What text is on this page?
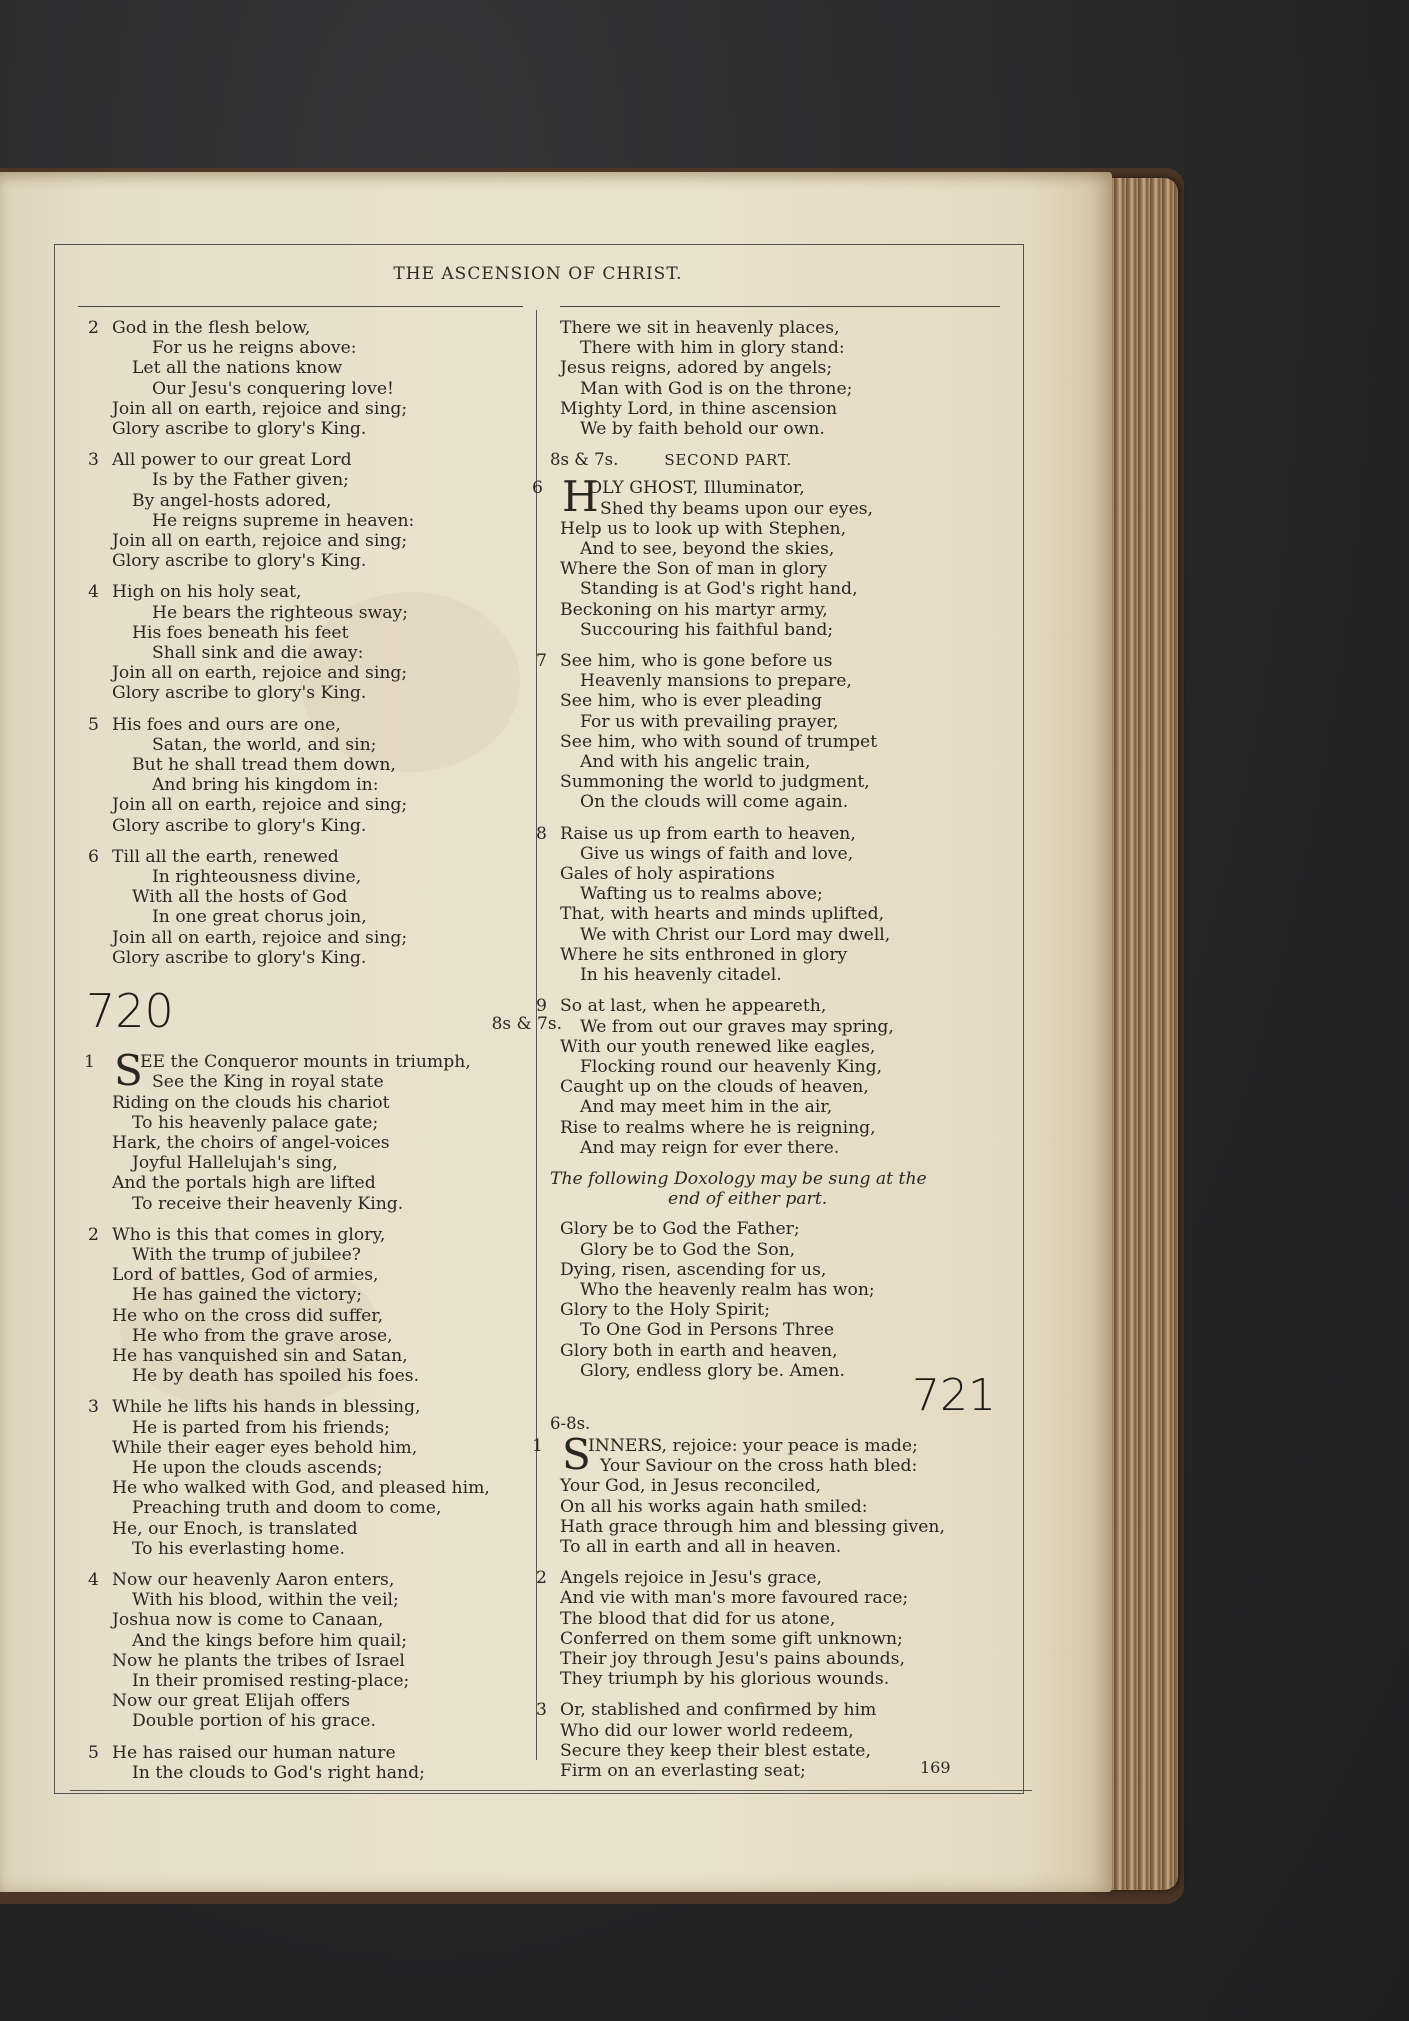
THE ASCENSION OF CHRIST.
2 God in the flesh below,
For us he reigns above:
Let all the nations know
Our Jesu's conquering love!
Join all on earth, rejoice and sing;
Glory ascribe to glory's King.
3 All power to our great Lord
Is by the Father given;
By angel-hosts adored,
He reigns supreme in heaven:
Join all on earth, rejoice and sing;
Glory ascribe to glory's King.
4 High on his holy seat,
He bears the righteous sway;
His foes beneath his feet
Shall sink and die away:
Join all on earth, rejoice and sing;
Glory ascribe to glory's King.
5 His foes and ours are one,
Satan, the world, and sin;
But he shall tread them down,
And bring his kingdom in:
Join all on earth, rejoice and sing;
Glory ascribe to glory's King.
6 Till all the earth, renewed
In righteousness divine,
With all the hosts of God
In one great chorus join,
Join all on earth, rejoice and sing;
Glory ascribe to glory's King.
720	8s & 7s.
1 S
EE the Conqueror mounts in triumph,
See the King in royal state
Riding on the clouds his chariot
To his heavenly palace gate;
Hark, the choirs of angel-voices
Joyful Hallelujah's sing,
And the portals high are lifted
To receive their heavenly King.
2 Who is this that comes in glory,
With the trump of jubilee?
Lord of battles, God of armies,
He has gained the victory;
He who on the cross did suffer,
He who from the grave arose,
He has vanquished sin and Satan,
He by death has spoiled his foes.
3 While he lifts his hands in blessing,
He is parted from his friends;
While their eager eyes behold him,
He upon the clouds ascends;
He who walked with God, and pleased him,
Preaching truth and doom to come,
He, our Enoch, is translated
To his everlasting home.
4 Now our heavenly Aaron enters,
With his blood, within the veil;
Joshua now is come to Canaan,
And the kings before him quail;
Now he plants the tribes of Israel
In their promised resting-place;
Now our great Elijah offers
Double portion of his grace.
5 He has raised our human nature
In the clouds to God's right hand;
There we sit in heavenly places,
There with him in glory stand:
Jesus reigns, adored by angels;
Man with God is on the throne;
Mighty Lord, in thine ascension
We by faith behold our own.
8s & 7s.	SECOND PART.
6 H
OLY GHOST, Illuminator,
Shed thy beams upon our eyes,
Help us to look up with Stephen,
And to see, beyond the skies,
Where the Son of man in glory
Standing is at God's right hand,
Beckoning on his martyr army,
Succouring his faithful band;
7 See him, who is gone before us
Heavenly mansions to prepare,
See him, who is ever pleading
For us with prevailing prayer,
See him, who with sound of trumpet
And with his angelic train,
Summoning the world to judgment,
On the clouds will come again.
8 Raise us up from earth to heaven,
Give us wings of faith and love,
Gales of holy aspirations
Wafting us to realms above;
That, with hearts and minds uplifted,
We with Christ our Lord may dwell,
Where he sits enthroned in glory
In his heavenly citadel.
9 So at last, when he appeareth,
We from out our graves may spring,
With our youth renewed like eagles,
Flocking round our heavenly King,
Caught up on the clouds of heaven,
And may meet him in the air,
Rise to realms where he is reigning,
And may reign for ever there.
The following Doxology may be sung at the
end of either part.
Glory be to God the Father;
Glory be to God the Son,
Dying, risen, ascending for us,
Who the heavenly realm has won;
Glory to the Holy Spirit;
To One God in Persons Three
Glory both in earth and heaven,
Glory, endless glory be. Amen.	721
6-8s.
1 S
INNERS, rejoice: your peace is made;
Your Saviour on the cross hath bled:
Your God, in Jesus reconciled,
On all his works again hath smiled:
Hath grace through him and blessing given,
To all in earth and all in heaven.
2 Angels rejoice in Jesu's grace,
And vie with man's more favoured race;
The blood that did for us atone,
Conferred on them some gift unknown;
Their joy through Jesu's pains abounds,
They triumph by his glorious wounds.
3 Or, stablished and confirmed by him
Who did our lower world redeem,
Secure they keep their blest estate,
Firm on an everlasting seat;	169
